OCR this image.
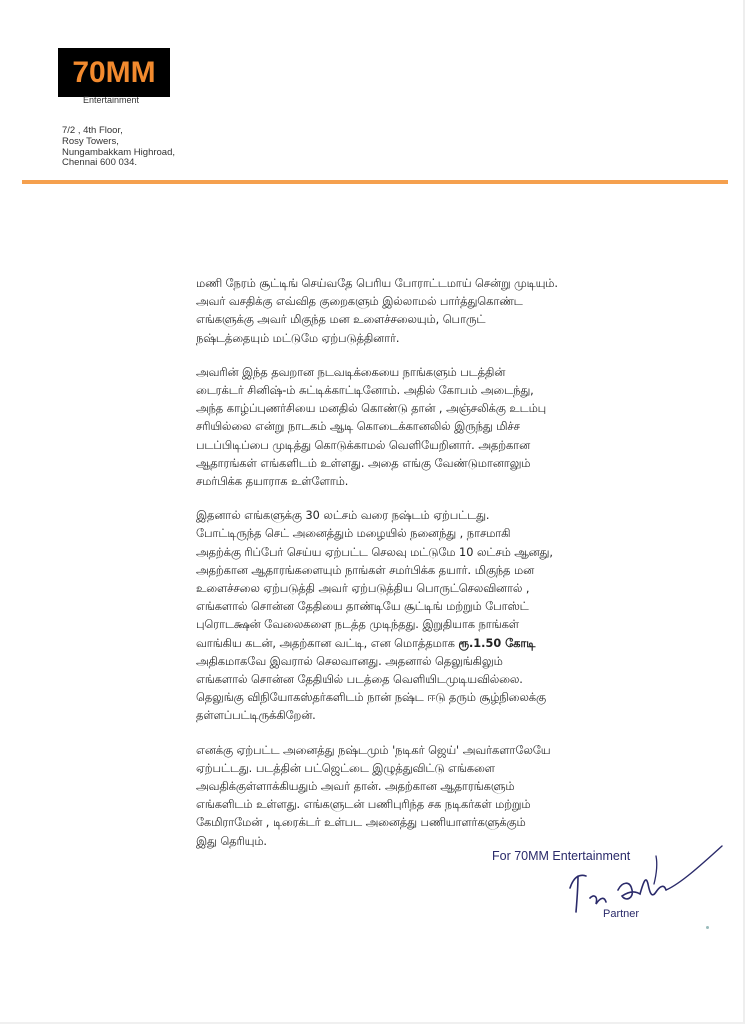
70MM
Entertainment
7/2 , 4th Floor,
Rosy Towers,
Nungambakkam Highroad,
Chennai 600 034.
மணி நேரம் சூட்டிங் செய்வதே பெரிய போராட்டமாய் சென்று முடியும்.
அவர் வசதிக்கு எவ்வித குறைகளும் இல்லாமல் பார்த்துகொண்ட
எங்களுக்கு அவர் மிகுந்த மன உளைச்சலையும், பொருட்
நஷ்டத்தையும் மட்டுமே ஏற்படுத்தினார்.
அவரின் இந்த தவறான நடவடிக்கையை நாங்களும் படத்தின்
டைரக்டர் சினிஷ்-ம் சுட்டிக்காட்டினோம். அதில் கோபம் அடைந்து,
அந்த காழ்ப்புணர்சியை மனதில் கொண்டு தான் , அஞ்சலிக்கு உடம்பு
சரியில்லை என்று நாடகம் ஆடி கொடைக்கானலில் இருந்து மிச்ச
படப்பிடிப்பை முடித்து கொடுக்காமல் வெளியேறினார். அதற்கான
ஆதாரங்கள் எங்களிடம் உள்ளது. அதை எங்கு வேண்டுமானாலும்
சமர்பிக்க தயாராக உள்ளோம்.
இதனால் எங்களுக்கு 30 லட்சம் வரை நஷ்டம் ஏற்பட்டது.
போட்டிருந்த செட் அனைத்தும் மழையில் நனைந்து , நாசமாகி
அதற்க்கு ரிப்பேர் செய்ய ஏற்பட்ட செலவு மட்டுமே 10 லட்சம் ஆனது,
அதற்கான ஆதாரங்களையும் நாங்கள் சமர்பிக்க தயார். மிகுந்த மன
உளைச்சலை ஏற்படுத்தி அவர் ஏற்படுத்திய பொருட்செலவினால் ,
எங்களால் சொன்ன தேதியை தாண்டியே சூட்டிங் மற்றும் போஸ்ட்
புரொடக்ஷன் வேலைகளை நடத்த முடிந்தது. இறுதியாக நாங்கள்
வாங்கிய கடன், அதற்கான வட்டி, என மொத்தமாக ரூ.1.50 கோடி
அதிகமாகவே இவரால் செலவானது. அதனால் தெலுங்கிலும்
எங்களால் சொன்ன தேதியில் படத்தை வெளியிடமுடியவில்லை.
தெலுங்கு விநியோகஸ்தர்களிடம் நான் நஷ்ட ஈடு தரும் சூழ்நிலைக்கு
தள்ளப்பட்டிருக்கிறேன்.
எனக்கு ஏற்பட்ட அனைத்து நஷ்டமும் 'நடிகர் ஜெய்' அவர்களாலேயே
ஏற்பட்டது. படத்தின் பட்ஜெட்டை இழுத்துவிட்டு எங்களை
அவதிக்குள்ளாக்கியதும் அவர் தான். அதற்கான ஆதாரங்களும்
எங்களிடம் உள்ளது. எங்களுடன் பணிபுரிந்த சக நடிகர்கள் மற்றும்
கேமிராமேன் , டிரைக்டர் உள்பட அனைத்து பணியாளர்களுக்கும்
இது தெரியும்.
For 70MM Entertainment
Partner
